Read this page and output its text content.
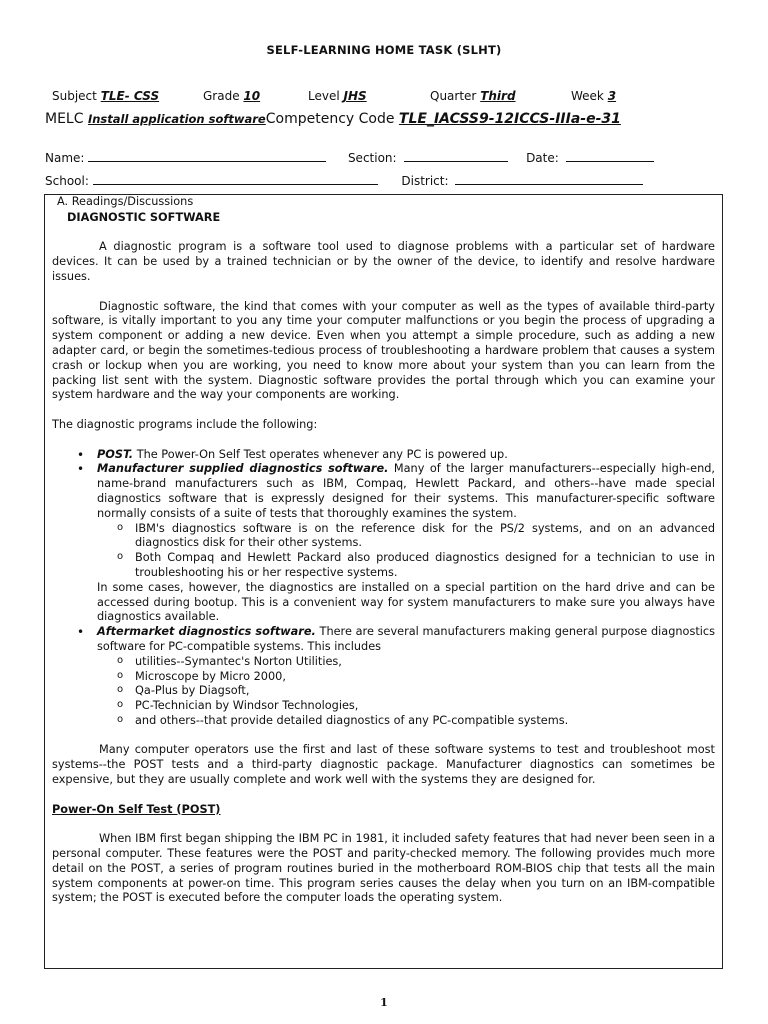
SELF-LEARNING HOME TASK (SLHT)
Subject TLE- CSS	Grade 10	Level JHS	Quarter Third	Week 3
MELC Install application softwareCompetency Code TLE_IACSS9-12ICCS-IIIa-e-31
Name:	Section:	Date:
School:	District:

A. Readings/Discussions

DIAGNOSTIC SOFTWARE

A diagnostic program is a software tool used to diagnose problems with a particular set of hardware devices. It can be used by a trained technician or by the owner of the device, to identify and resolve hardware issues.

Diagnostic software, the kind that comes with your computer as well as the types of available third-party software, is vitally important to you any time your computer malfunctions or you begin the process of upgrading a system component or adding a new device. Even when you attempt a simple procedure, such as adding a new adapter card, or begin the sometimes-tedious process of troubleshooting a hardware problem that causes a system crash or lockup when you are working, you need to know more about your system than you can learn from the packing list sent with the system. Diagnostic software provides the portal through which you can examine your system hardware and the way your components are working.

The diagnostic programs include the following:

• POST. The Power-On Self Test operates whenever any PC is powered up.
• Manufacturer supplied diagnostics software. Many of the larger manufacturers--especially high-end, name-brand manufacturers such as IBM, Compaq, Hewlett Packard, and others--have made special diagnostics software that is expressly designed for their systems. This manufacturer-specific software normally consists of a suite of tests that thoroughly examines the system.
o IBM's diagnostics software is on the reference disk for the PS/2 systems, and on an advanced diagnostics disk for their other systems.
o Both Compaq and Hewlett Packard also produced diagnostics designed for a technician to use in troubleshooting his or her respective systems.
In some cases, however, the diagnostics are installed on a special partition on the hard drive and can be accessed during bootup. This is a convenient way for system manufacturers to make sure you always have diagnostics available.
• Aftermarket diagnostics software. There are several manufacturers making general purpose diagnostics software for PC-compatible systems. This includes
o utilities--Symantec's Norton Utilities,
o Microscope by Micro 2000,
o Qa-Plus by Diagsoft,
o PC-Technician by Windsor Technologies,
o and others--that provide detailed diagnostics of any PC-compatible systems.

Many computer operators use the first and last of these software systems to test and troubleshoot most systems--the POST tests and a third-party diagnostic package. Manufacturer diagnostics can sometimes be expensive, but they are usually complete and work well with the systems they are designed for.

Power-On Self Test (POST)

When IBM first began shipping the IBM PC in 1981, it included safety features that had never been seen in a personal computer. These features were the POST and parity-checked memory. The following provides much more detail on the POST, a series of program routines buried in the motherboard ROM-BIOS chip that tests all the main system components at power-on time. This program series causes the delay when you turn on an IBM-compatible system; the POST is executed before the computer loads the operating system.

1
